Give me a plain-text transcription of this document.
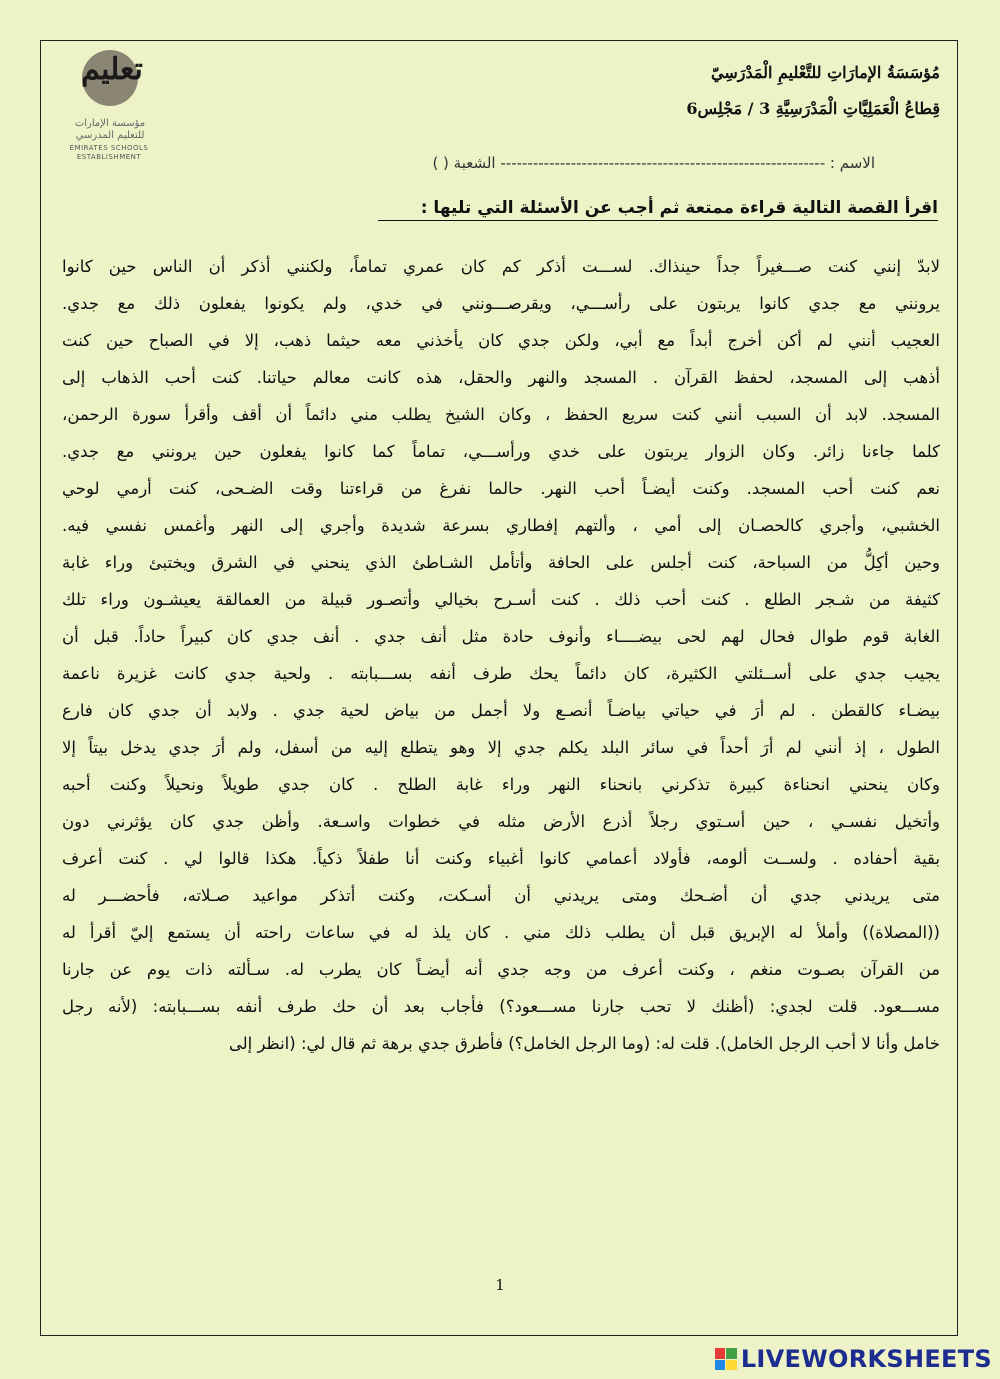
تعليم
مؤسسة الإمارات للتعليم المدرسي
EMIRATES SCHOOLS ESTABLISHMENT
مُؤسَسَةُ الإمارَاتِ للتَّعْليمِ الْمَدْرَسِيّ
قِطاعُ الْعَمَلِيَّاتِ الْمَدْرَسِيَّةِ 3 / مَجْلِس6
الاسم : ------------------------------------------------------------ الشعبة ( )
اقرأ القصة التالية قراءة ممتعة ثم أجب عن الأسئلة التي تليها :
لابدّ إنني كنت صـــغيراً جداً حينذاك. لســـت أذكر كم كان عمري تماماً، ولكنني أذكر أن الناس حين كانوا
يرونني مع جدي كانوا يربتون على رأســـي، ويقرصـــونني في خدي، ولم يكونوا يفعلون ذلك مع جدي.
العجيب أنني لم أكن أخرج أبداً مع أبي، ولكن جدي كان يأخذني معه حيثما ذهب، إلا في الصباح حين كنت
أذهب إلى المسجد، لحفظ القرآن . المسجد والنهر والحقل، هذه كانت معالم حياتنا. كنت أحب الذهاب إلى
المسجد. لابد أن السبب أنني كنت سريع الحفظ ، وكان الشيخ يطلب مني دائماً أن أقف وأقرأ سورة الرحمن،
كلما جاءنا زائر. وكان الزوار يربتون على خدي ورأســـي، تماماً كما كانوا يفعلون حين يرونني مع جدي.
نعم كنت أحب المسجد. وكنت أيضـاً أحب النهر. حالما نفرغ من قراءتنا وقت الضـحى، كنت أرمي لوحي
الخشبي، وأجري كالحصـان إلى أمي ، وألتهم إفطاري بسرعة شديدة وأجري إلى النهر وأغمس نفسي فيه.
وحين أكِلُّ من السباحة، كنت أجلس على الحافة وأتأمل الشـاطئ الذي ينحني في الشرق ويختبئ وراء غابة
كثيفة من شـجر الطلع . كنت أحب ذلك . كنت أسـرح بخيالي وأتصـور قبيلة من العمالقة يعيشـون وراء تلك
الغابة قوم طوال فحال لهم لحى بيضــــاء وأنوف حادة مثل أنف جدي . أنف جدي كان كبيراً حاداً. قبل أن
يجيب جدي على أســئلتي الكثيرة، كان دائماً يحك طرف أنفه بســـبابته . ولحية جدي كانت غزيرة ناعمة
بيضـاء كالقطن . لم أرَ في حياتي بياضـاً أنصـع ولا أجمل من بياض لحية جدي . ولابد أن جدي كان فارع
الطول ، إذ أنني لم أرَ أحداً في سائر البلد يكلم جدي إلا وهو يتطلع إليه من أسفل، ولم أرَ جدي يدخل بيتاً إلا
وكان ينحني انحناءة كبيرة تذكرني بانحناء النهر وراء غابة الطلح . كان جدي طويلاً ونحيلاً وكنت أحبه
وأتخيل نفسـي ، حين أسـتوي رجلاً أذرع الأرض مثله في خطوات واسـعة. وأظن جدي كان يؤثرني دون
بقية أحفاده . ولســت ألومه، فأولاد أعمامي كانوا أغبياء وكنت أنا طفلاً ذكياً. هكذا قالوا لي . كنت أعرف
متى يريدني جدي أن أضـحك ومتى يريدني أن أسـكت، وكنت أتذكر مواعيد صـلاته، فأحضـــر له
((المصلاة)) وأملأ له الإبريق قبل أن يطلب ذلك مني . كان يلذ له في ساعات راحته أن يستمع إليّ أقرأ له
من القرآن بصـوت منغم ، وكنت أعرف من وجه جدي أنه أيضـاً كان يطرب له. سـألته ذات يوم عن جارنا
مســـعود. قلت لجدي: (أظنك لا تحب جارنا مســـعود؟) فأجاب بعد أن حك طرف أنفه بســـبابته: (لأنه رجل
خامل وأنا لا أحب الرجل الخامل). قلت له: (وما الرجل الخامل؟) فأطرق جدي برهة ثم قال لي: (انظر إلى
1
LIVEWORKSHEETS
